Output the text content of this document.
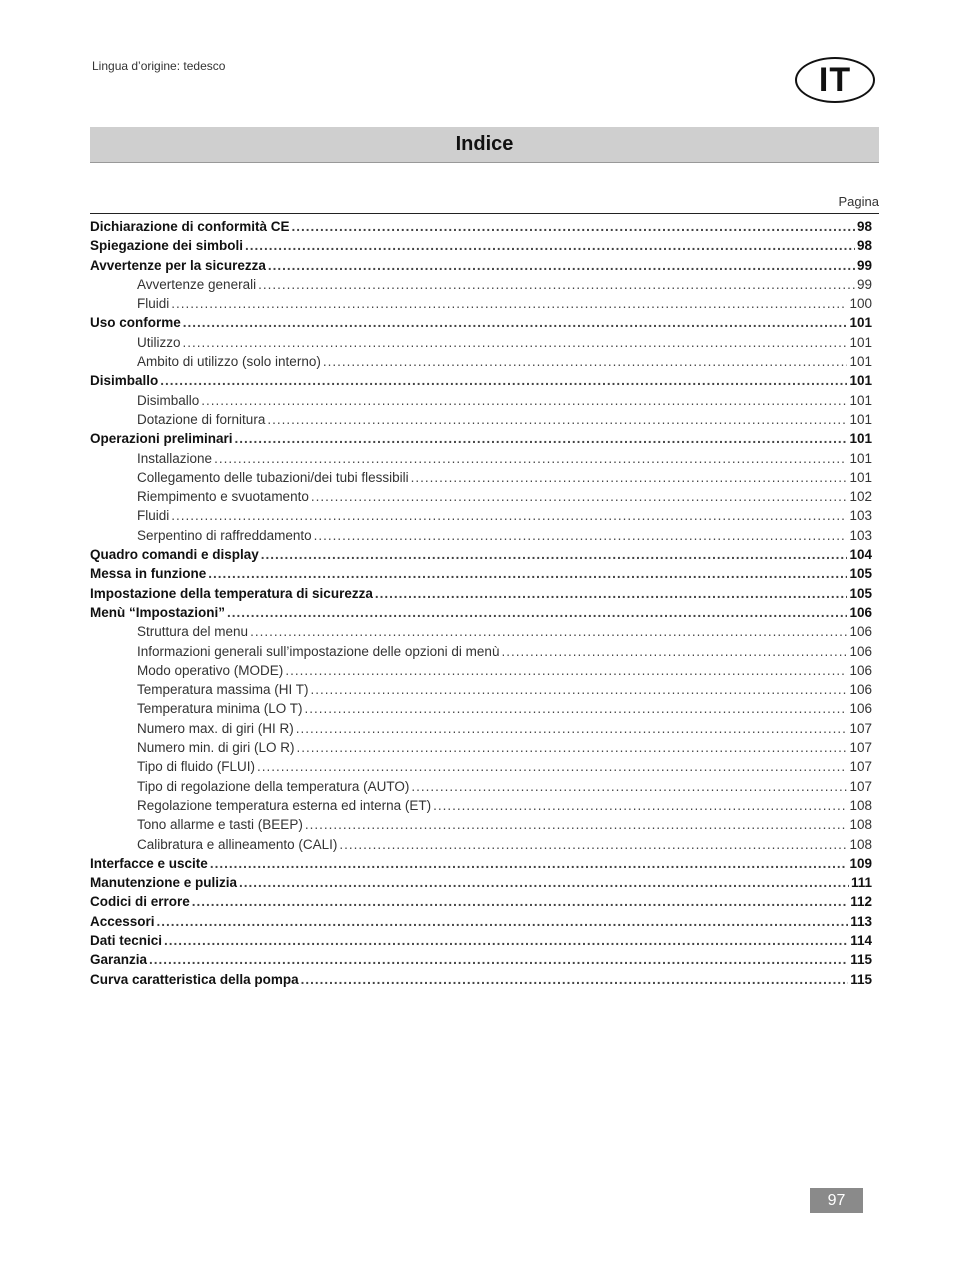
Lingua d’origine: tedesco	IT
Indice
Pagina
Dichiarazione di conformità CE .....	98
Spiegazione dei simboli .....	98
Avvertenze per la sicurezza .....	99
Avvertenze generali .....	99
Fluidi .....	100
Uso conforme .....	101
Utilizzo .....	101
Ambito di utilizzo (solo interno) .....	101
Disimballo .....	101
Disimballo .....	101
Dotazione di fornitura .....	101
Operazioni preliminari .....	101
Installazione .....	101
Collegamento delle tubazioni/dei tubi flessibili .....	101
Riempimento e svuotamento .....	102
Fluidi .....	103
Serpentino di raffreddamento .....	103
Quadro comandi e display .....	104
Messa in funzione .....	105
Impostazione della temperatura di sicurezza .....	105
Menù “Impostazioni” .....	106
Struttura del menu .....	106
Informazioni generali sull’impostazione delle opzioni di menù .....	106
Modo operativo (MODE) .....	106
Temperatura massima (HI T) .....	106
Temperatura minima (LO T) .....	106
Numero max. di giri (HI R) .....	107
Numero min. di giri (LO R) .....	107
Tipo di fluido (FLUI) .....	107
Tipo di regolazione della temperatura (AUTO) .....	107
Regolazione temperatura esterna ed interna (ET) .....	108
Tono allarme e tasti (BEEP) .....	108
Calibratura e allineamento (CALI) .....	108
Interfacce e uscite .....	109
Manutenzione e pulizia .....	111
Codici di errore .....	112
Accessori .....	113
Dati tecnici .....	114
Garanzia .....	115
Curva caratteristica della pompa .....	115
97
